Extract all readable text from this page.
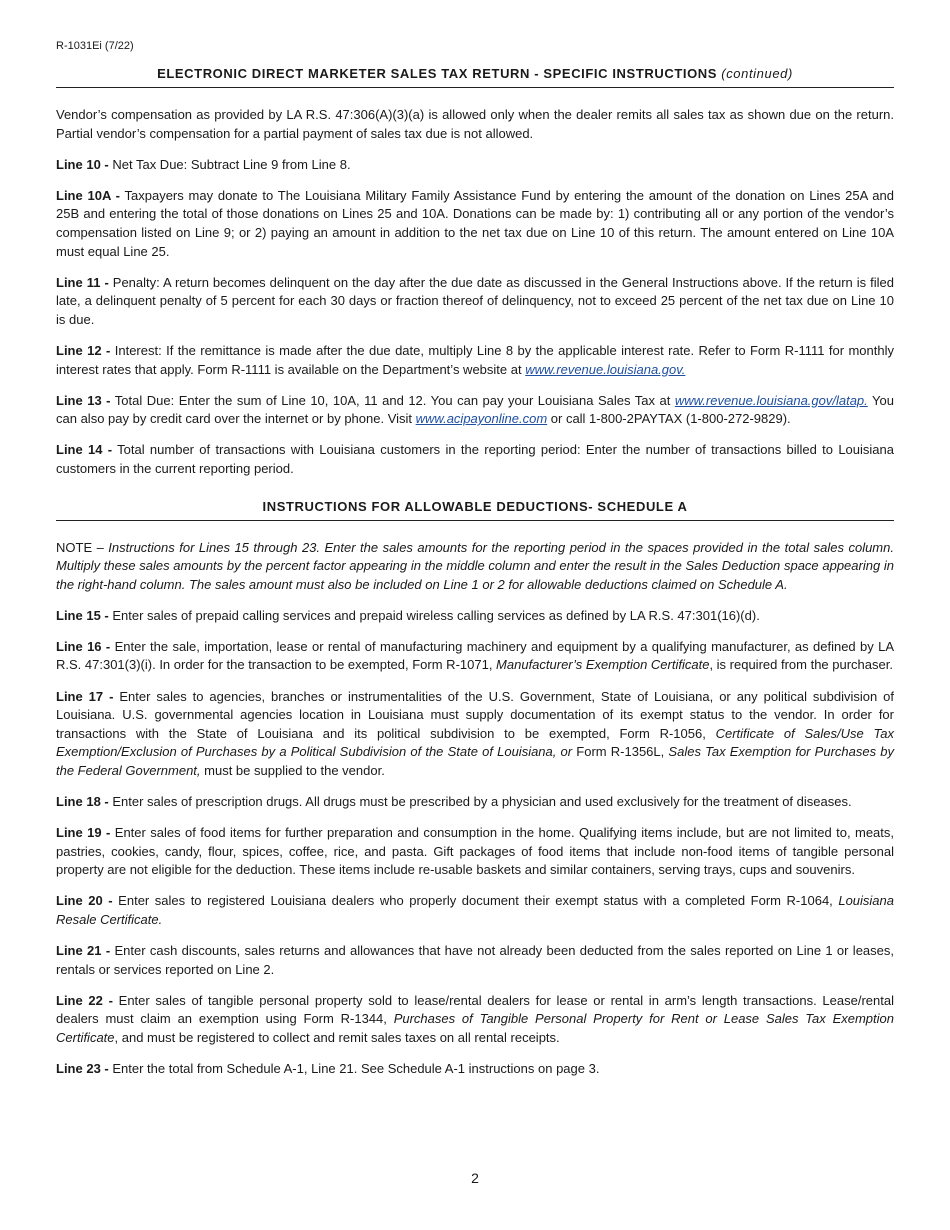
R-1031Ei (7/22)
ELECTRONIC DIRECT MARKETER SALES TAX RETURN - SPECIFIC INSTRUCTIONS (continued)

Vendor’s compensation as provided by LA R.S. 47:306(A)(3)(a) is allowed only when the dealer remits all sales tax as shown due on the return. Partial vendor’s compensation for a partial payment of sales tax due is not allowed.

Line 10 - Net Tax Due: Subtract Line 9 from Line 8.

Line 10A - Taxpayers may donate to The Louisiana Military Family Assistance Fund by entering the amount of the donation on Lines 25A and 25B and entering the total of those donations on Lines 25 and 10A. Donations can be made by: 1) contributing all or any portion of the vendor’s compensation listed on Line 9; or 2) paying an amount in addition to the net tax due on Line 10 of this return. The amount entered on Line 10A must equal Line 25.

Line 11 - Penalty: A return becomes delinquent on the day after the due date as discussed in the General Instructions above. If the return is filed late, a delinquent penalty of 5 percent for each 30 days or fraction thereof of delinquency, not to exceed 25 percent of the net tax due on Line 10 is due.

Line 12 - Interest: If the remittance is made after the due date, multiply Line 8 by the applicable interest rate. Refer to Form R-1111 for monthly interest rates that apply. Form R-1111 is available on the Department’s website at www.revenue.louisiana.gov.

Line 13 - Total Due: Enter the sum of Line 10, 10A, 11 and 12. You can pay your Louisiana Sales Tax at www.revenue.louisiana.gov/latap. You can also pay by credit card over the internet or by phone. Visit www.acipayonline.com or call 1-800-2PAYTAX (1-800-272-9829).

Line 14 - Total number of transactions with Louisiana customers in the reporting period: Enter the number of transactions billed to Louisiana customers in the current reporting period.

INSTRUCTIONS FOR ALLOWABLE DEDUCTIONS- SCHEDULE A

NOTE – Instructions for Lines 15 through 23. Enter the sales amounts for the reporting period in the spaces provided in the total sales column. Multiply these sales amounts by the percent factor appearing in the middle column and enter the result in the Sales Deduction space appearing in the right-hand column. The sales amount must also be included on Line 1 or 2 for allowable deductions claimed on Schedule A.

Line 15 - Enter sales of prepaid calling services and prepaid wireless calling services as defined by LA R.S. 47:301(16)(d).

Line 16 - Enter the sale, importation, lease or rental of manufacturing machinery and equipment by a qualifying manufacturer, as defined by LA R.S. 47:301(3)(i). In order for the transaction to be exempted, Form R-1071, Manufacturer’s Exemption Certificate, is required from the purchaser.

Line 17 - Enter sales to agencies, branches or instrumentalities of the U.S. Government, State of Louisiana, or any political subdivision of Louisiana. U.S. governmental agencies location in Louisiana must supply documentation of its exempt status to the vendor. In order for transactions with the State of Louisiana and its political subdivision to be exempted, Form R-1056, Certificate of Sales/Use Tax Exemption/Exclusion of Purchases by a Political Subdivision of the State of Louisiana, or Form R-1356L, Sales Tax Exemption for Purchases by the Federal Government, must be supplied to the vendor.

Line 18 - Enter sales of prescription drugs. All drugs must be prescribed by a physician and used exclusively for the treatment of diseases.

Line 19 - Enter sales of food items for further preparation and consumption in the home. Qualifying items include, but are not limited to, meats, pastries, cookies, candy, flour, spices, coffee, rice, and pasta. Gift packages of food items that include non-food items of tangible personal property are not eligible for the deduction. These items include re-usable baskets and similar containers, serving trays, cups and souvenirs.

Line 20 - Enter sales to registered Louisiana dealers who properly document their exempt status with a completed Form R-1064, Louisiana Resale Certificate.

Line 21 - Enter cash discounts, sales returns and allowances that have not already been deducted from the sales reported on Line 1 or leases, rentals or services reported on Line 2.

Line 22 - Enter sales of tangible personal property sold to lease/rental dealers for lease or rental in arm’s length transactions. Lease/rental dealers must claim an exemption using Form R-1344, Purchases of Tangible Personal Property for Rent or Lease Sales Tax Exemption Certificate, and must be registered to collect and remit sales taxes on all rental receipts.

Line 23 - Enter the total from Schedule A-1, Line 21. See Schedule A-1 instructions on page 3.

2
